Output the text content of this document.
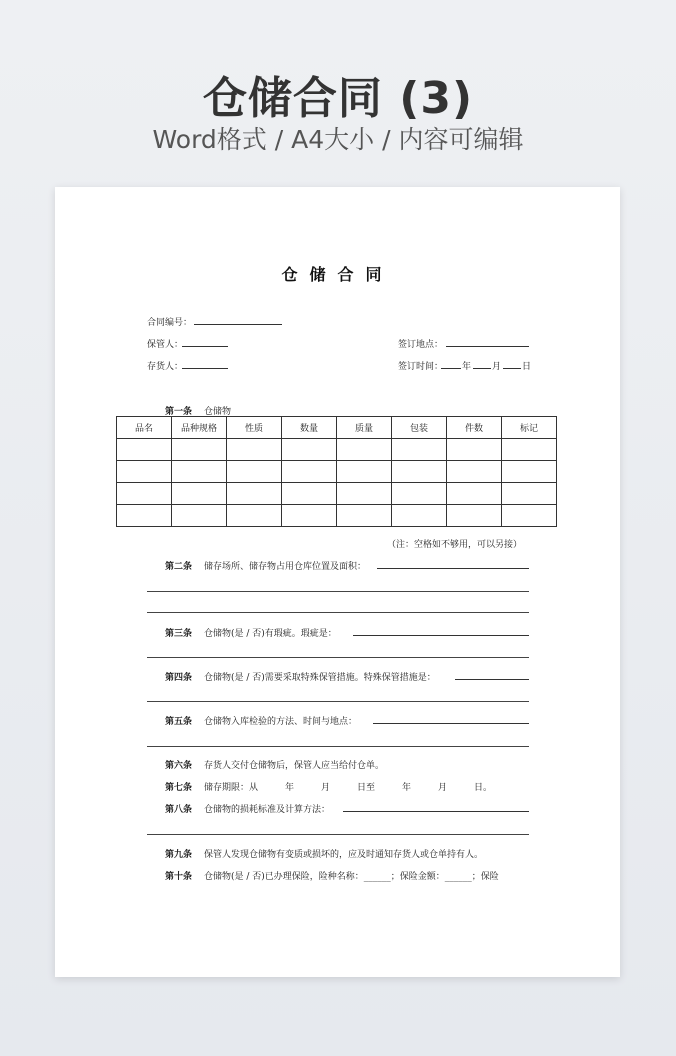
仓储合同 (3)
Word格式 / A4大小 / 内容可编辑
仓储合同
合同编号：
保管人：	签订地点：
存货人：	签订时间： 年 月 日
第一条 仓储物
品名	品种规格	性质	数量	质量	包装	件数	标记

（注：空格如不够用，可以另接）
第二条 储存场所、储存物占用仓库位置及面积：
第三条 仓储物(是 / 否)有瑕疵。瑕疵是：
第四条 仓储物(是 / 否)需要采取特殊保管措施。特殊保管措施是：
第五条 仓储物入库检验的方法、时间与地点：
第六条 存货人交付仓储物后，保管人应当给付仓单。
第七条 储存期限：从　　　年　　　月　　　日至　　　年　　　月　　　日。
第八条 仓储物的损耗标准及计算方法：
第九条 保管人发现仓储物有变质或损坏的，应及时通知存货人或仓单持有人。
第十条 仓储物(是 / 否)已办理保险，险种名称：______；保险金额：______；保险
